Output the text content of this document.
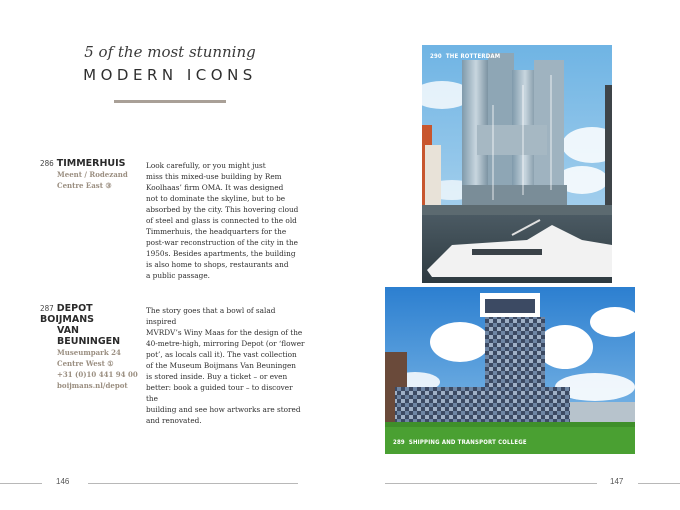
5 of the most stunning
MODERN ICONS
286 TIMMERHUIS
Meent / Rodezand
Centre East ③

Look carefully, or you might just

miss this mixed-use building by Rem

Koolhaas’ firm OMA. It was designed

not to dominate the skyline, but to be

absorbed by the city. This hovering cloud

of steel and glass is connected to the old

Timmerhuis, the headquarters for the

post-war reconstruction of the city in the

1950s. Besides apartments, the building

is also home to shops, restaurants and

a public passage.

287 DEPOT BOIJMANS
VAN BEUNINGEN
Museumpark 24
Centre West ①
+31 (0)10 441 94 00
boijmans.nl/depot

The story goes that a bowl of salad inspired

MVRDV’s Winy Maas for the design of the

40-metre-high, mirroring Depot (or ‘flower

pot’, as locals call it). The vast collection

of the Museum Boijmans Van Beuningen

is stored inside. Buy a ticket – or even

better: book a guided tour – to discover the

building and see how artworks are stored

and renovated.

146
290 THE ROTTERDAM
289 SHIPPING AND TRANSPORT COLLEGE
147
